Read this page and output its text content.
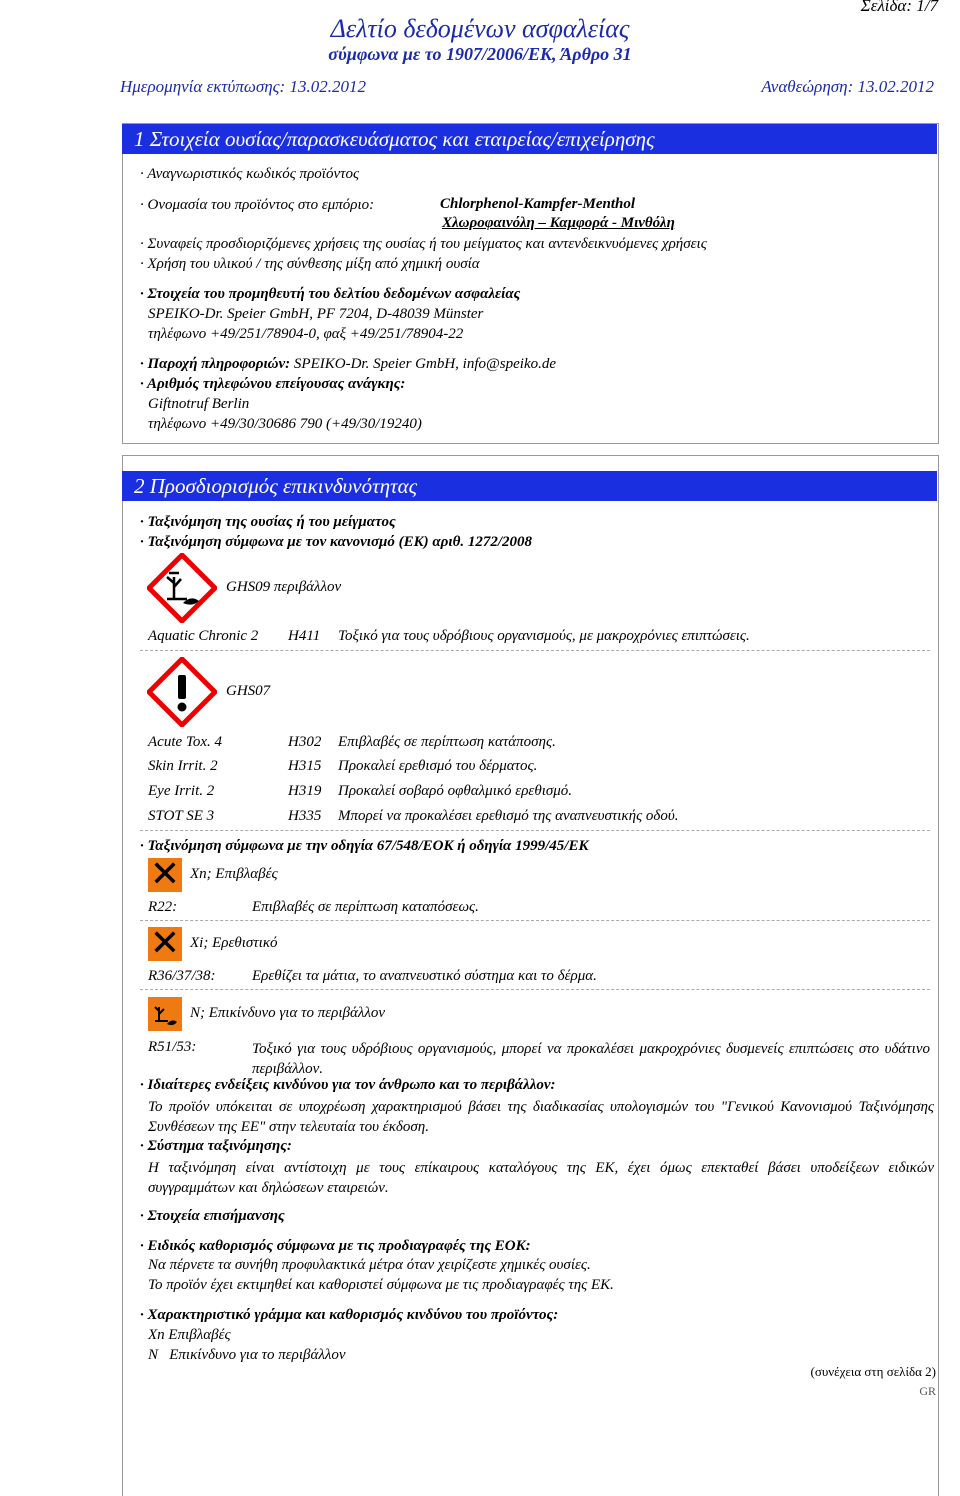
Σελίδα: 1/7
Δελτίο δεδομένων ασφαλείας
σύμφωνα με το 1907/2006/ΕΚ, Άρθρο 31
Ημερομηνία εκτύπωσης: 13.02.2012	Αναθεώρηση: 13.02.2012
1 Στοιχεία ουσίας/παρασκευάσματος και εταιρείας/επιχείρησης
· Αναγνωριστικός κωδικός προϊόντος
· Ονομασία του προϊόντος στο εμπόριο:	Chlorphenol-Kampfer-Menthol
Χλωροφαινόλη – Καμφορά - Μινθόλη
· Συναφείς προσδιοριζόμενες χρήσεις της ουσίας ή του μείγματος και αντενδεικνυόμενες χρήσεις
· Χρήση του υλικού / της σύνθεσης μίξη από χημική ουσία
· Στοιχεία του προμηθευτή του δελτίου δεδομένων ασφαλείας
SPEIKO-Dr. Speier GmbH, PF 7204, D-48039 Münster
τηλέφωνο +49/251/78904-0, φαξ +49/251/78904-22
· Παροχή πληροφοριών: SPEIKO-Dr. Speier GmbH, info@speiko.de
· Αριθμός τηλεφώνου επείγουσας ανάγκης:
Giftnotruf Berlin
τηλέφωνο +49/30/30686 790 (+49/30/19240)
2 Προσδιορισμός επικινδυνότητας
· Ταξινόμηση της ουσίας ή του μείγματος
· Ταξινόμηση σύμφωνα με τον κανονισμό (ΕΚ) αριθ. 1272/2008
GHS09 περιβάλλον
Aquatic Chronic 2 H411 Τοξικό για τους υδρόβιους οργανισμούς, με μακροχρόνιες επιπτώσεις.
GHS07
Acute Tox. 4	H302 Επιβλαβές σε περίπτωση κατάποσης.
Skin Irrit. 2	H315 Προκαλεί ερεθισμό του δέρματος.
Eye Irrit. 2	H319 Προκαλεί σοβαρό οφθαλμικό ερεθισμό.
STOT SE 3	H335 Μπορεί να προκαλέσει ερεθισμό της αναπνευστικής οδού.
· Ταξινόμηση σύμφωνα με την οδηγία 67/548/ΕΟΚ ή οδηγία 1999/45/ΕΚ
✕ Xn; Επιβλαβές
R22:	Επιβλαβές σε περίπτωση καταπόσεως.
✕ Xi; Ερεθιστικό
R36/37/38: Ερεθίζει τα μάτια, το αναπνευστικό σύστημα και το δέρμα.
N; Επικίνδυνο για το περιβάλλον
R51/53:	Τοξικό για τους υδρόβιους οργανισμούς, μπορεί να προκαλέσει μακροχρόνιες δυσμενείς επιπτώσεις στο υδάτινο περιβάλλον.
· Ιδιαίτερες ενδείξεις κινδύνου για τον άνθρωπο και το περιβάλλον:
Το προϊόν υπόκειται σε υποχρέωση χαρακτηρισμού βάσει της διαδικασίας υπολογισμών του "Γενικού Κανονισμού Ταξινόμησης Συνθέσεων της ΕΕ" στην τελευταία του έκδοση.
· Σύστημα ταξινόμησης:
Η ταξινόμηση είναι αντίστοιχη με τους επίκαιρους καταλόγους της ΕΚ, έχει όμως επεκταθεί βάσει υποδείξεων ειδικών συγγραμμάτων και δηλώσεων εταιρειών.
· Στοιχεία επισήμανσης
· Ειδικός καθορισμός σύμφωνα με τις προδιαγραφές της ΕΟΚ:
Να πέρνετε τα συνήθη προφυλακτικά μέτρα όταν χειρίζεστε χημικές ουσίες.
Το προϊόν έχει εκτιμηθεί και καθοριστεί σύμφωνα με τις προδιαγραφές της ΕΚ.
· Χαρακτηριστικό γράμμα και καθορισμός κινδύνου του προϊόντος:
Xn Επιβλαβές
N   Επικίνδυνο για το περιβάλλον
(συνέχεια στη σελίδα 2)
GR
